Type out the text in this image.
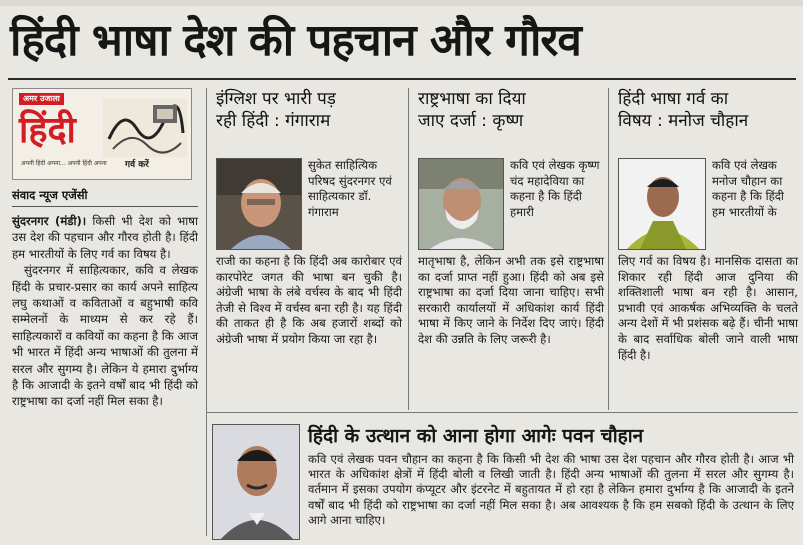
हिंदी भाषा देश की पहचान और गौरव
अमर उजाला
हिंदी
अपनी हिंदी अपना... अपनी हिंदी अपना	गर्व करें
संवाद न्यूज एजेंसी

सुंदरनगर (मंडी)। किसी भी देश को भाषा उस देश की पहचान और गौरव होती है। हिंदी हम भारतीयों के लिए गर्व का विषय है।

सुंदरनगर में साहित्यकार, कवि व लेखक हिंदी के प्रचार-प्रसार का कार्य अपने साहित्य लघु कथाओं व कविताओं व बहुभाषी कवि सम्मेलनों के माध्यम से कर रहे हैं। साहित्यकारों व कवियों का कहना है कि आज भी भारत में हिंदी अन्य भाषाओं की तुलना में सरल और सुगम्य है। लेकिन ये हमारा दुर्भाग्य है कि आजादी के इतने वर्षों बाद भी हिंदी को राष्ट्रभाषा का दर्जा नहीं मिल सका है।

इंग्लिश पर भारी पड़
रही हिंदी : गंगाराम
सुकेत साहित्यिक परिषद सुंदरनगर एवं साहित्यकार डॉ. गंगाराम
राजी का कहना है कि हिंदी अब कारोबार एवं कारपोरेट जगत की भाषा बन चुकी है। अंग्रेजी भाषा के लंबे वर्चस्व के बाद भी हिंदी तेजी से विश्व में वर्चस्व बना रही है। यह हिंदी की ताकत ही है कि अब हजारों शब्दों को अंग्रेजी भाषा में प्रयोग किया जा रहा है।
राष्ट्रभाषा का दिया
जाए दर्जा : कृष्ण
कवि एवं लेखक कृष्ण चंद महादेविया का कहना है कि हिंदी हमारी
मातृभाषा है, लेकिन अभी तक इसे राष्ट्रभाषा का दर्जा प्राप्त नहीं हुआ। हिंदी को अब इसे राष्ट्रभाषा का दर्जा दिया जाना चाहिए। सभी सरकारी कार्यालयों में अधिकांश कार्य हिंदी भाषा में किए जाने के निर्देश दिए जाएं। हिंदी देश की उन्नति के लिए जरूरी है।
हिंदी भाषा गर्व का
विषय : मनोज चौहान
कवि एवं लेखक मनोज चौहान का कहना है कि हिंदी हम भारतीयों के
लिए गर्व का विषय है। मानसिक दासता का शिकार रही हिंदी आज दुनिया की शक्तिशाली भाषा बन रही है। आसान, प्रभावी एवं आकर्षक अभिव्यक्ति के चलते अन्य देशों में भी प्रशंसक बढ़े हैं। चीनी भाषा के बाद सर्वाधिक बोली जाने वाली भाषा हिंदी है।
हिंदी के उत्थान को आना होगा आगेः पवन चौहान
कवि एवं लेखक पवन चौहान का कहना है कि किसी भी देश की भाषा उस देश पहचान और गौरव होती है। आज भी भारत के अधिकांश क्षेत्रों में हिंदी बोली व लिखी जाती है। हिंदी अन्य भाषाओं की तुलना में सरल और सुगम्य है। वर्तमान में इसका उपयोग कंप्यूटर और इंटरनेट में बहुतायत में हो रहा है लेकिन हमारा दुर्भाग्य है कि आजादी के इतने वर्षों बाद भी हिंदी को राष्ट्रभाषा का दर्जा नहीं मिल सका है। अब आवश्यक है कि हम सबको हिंदी के उत्थान के लिए आगे आना चाहिए।
